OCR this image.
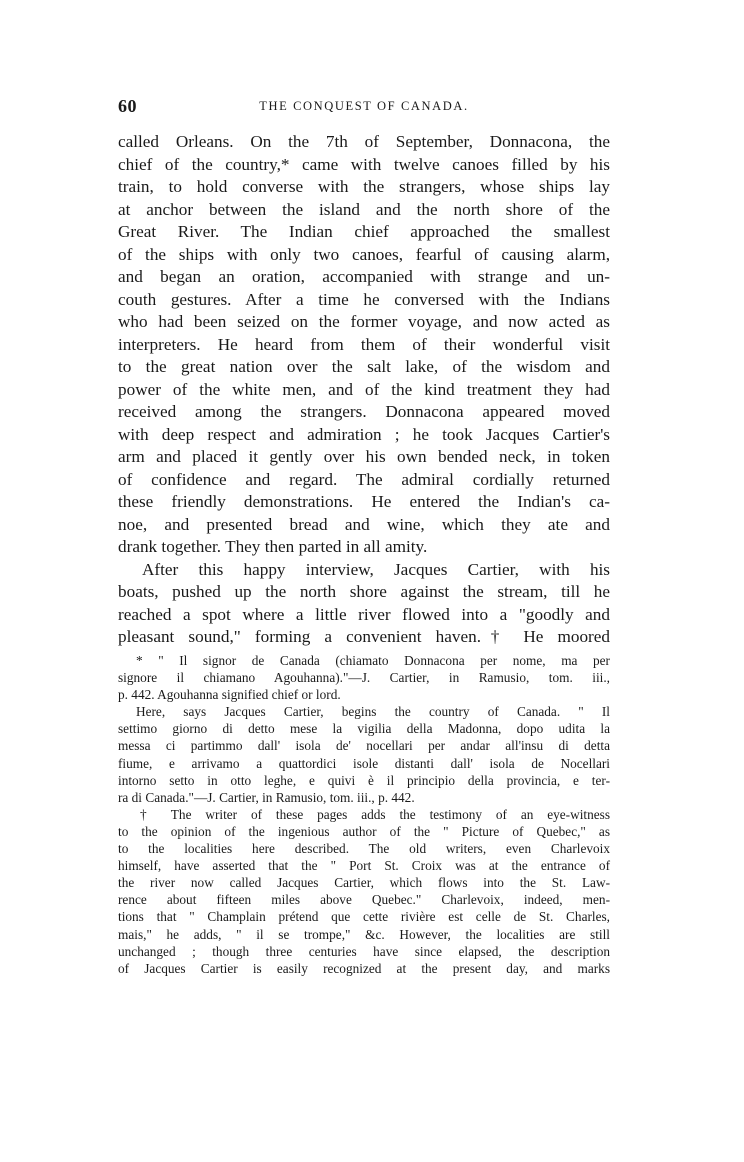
60	THE CONQUEST OF CANADA.
called Orleans. On the 7th of September, Donnacona, the
chief of the country,* came with twelve canoes filled by his
train, to hold converse with the strangers, whose ships lay
at anchor between the island and the north shore of the
Great River. The Indian chief approached the smallest
of the ships with only two canoes, fearful of causing alarm,
and began an oration, accompanied with strange and un-
couth gestures. After a time he conversed with the Indians
who had been seized on the former voyage, and now acted as
interpreters. He heard from them of their wonderful visit
to the great nation over the salt lake, of the wisdom and
power of the white men, and of the kind treatment they had
received among the strangers. Donnacona appeared moved
with deep respect and admiration ; he took Jacques Cartier's
arm and placed it gently over his own bended neck, in token
of confidence and regard. The admiral cordially returned
these friendly demonstrations. He entered the Indian's ca-
noe, and presented bread and wine, which they ate and
drank together. They then parted in all amity.
After this happy interview, Jacques Cartier, with his
boats, pushed up the north shore against the stream, till he
reached a spot where a little river flowed into a "goodly and
pleasant sound," forming a convenient haven.† He moored
* " Il signor de Canada (chiamato Donnacona per nome, ma per
signore il chiamano Agouhanna)."—J. Cartier, in Ramusio, tom. iii.,
p. 442. Agouhanna signified chief or lord.
Here, says Jacques Cartier, begins the country of Canada. " Il
settimo giorno di detto mese la vigilia della Madonna, dopo udita la
messa ci partimmo dall' isola de' nocellari per andar all'insu di detta
fiume, e arrivamo a quattordici isole distanti dall' isola de Nocellari
intorno setto in otto leghe, e quivi è il principio della provincia, e ter-
ra di Canada."—J. Cartier, in Ramusio, tom. iii., p. 442.
† The writer of these pages adds the testimony of an eye-witness
to the opinion of the ingenious author of the " Picture of Quebec," as
to the localities here described. The old writers, even Charlevoix
himself, have asserted that the " Port St. Croix was at the entrance of
the river now called Jacques Cartier, which flows into the St. Law-
rence about fifteen miles above Quebec." Charlevoix, indeed, men-
tions that " Champlain prétend que cette rivière est celle de St. Charles,
mais," he adds, " il se trompe," &c. However, the localities are still
unchanged ; though three centuries have since elapsed, the description
of Jacques Cartier is easily recognized at the present day, and marks
